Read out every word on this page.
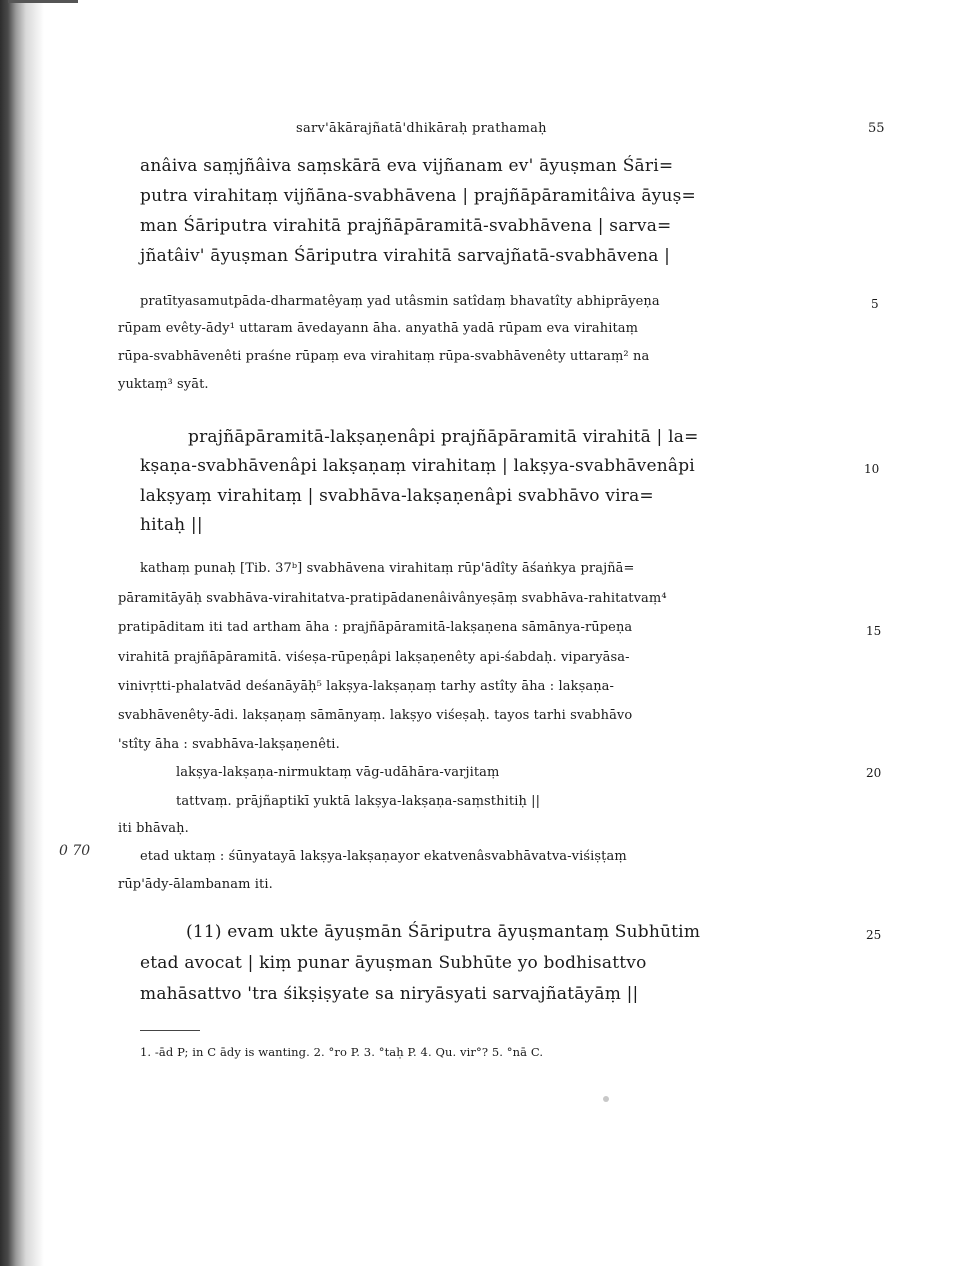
sarv'ākārajñatā'dhikāraḥ prathamaḥ	55
anâiva saṃjñâiva saṃskārā eva vijñanam ev' āyuṣman Śāri=
putra virahitaṃ vijñāna-svabhāvena | prajñāpāramitâiva āyuṣ=
man Śāriputra virahitā prajñāpāramitā-svabhāvena | sarva=
jñatâiv' āyuṣman Śāriputra virahitā sarvajñatā-svabhāvena |
pratītyasamutpāda-dharmatêyaṃ yad utâsmin satîdaṃ bhavatîty abhiprāyeṇa
rūpam evêty-ādy¹ uttaram āvedayann āha. anyathā yadā rūpam eva virahitaṃ
rūpa-svabhāvenêti praśne rūpaṃ eva virahitaṃ rūpa-svabhāvenêty uttaraṃ² na
yuktaṃ³ syāt.
prajñāpāramitā-lakṣaṇenâpi prajñāpāramitā virahitā | la=
kṣaṇa-svabhāvenâpi lakṣaṇaṃ virahitaṃ | lakṣya-svabhāvenâpi
lakṣyaṃ virahitaṃ | svabhāva-lakṣaṇenâpi svabhāvo vira=
hitaḥ ||
kathaṃ punaḥ [Tib. 37ᵇ] svabhāvena virahitaṃ rūp'ādîty āśaṅkya prajñā=
pāramitāyāḥ svabhāva-virahitatva-pratipādanenâivânyeṣāṃ svabhāva-rahitatvaṃ⁴
pratipāditam iti tad artham āha : prajñāpāramitā-lakṣaṇena sāmānya-rūpeṇa
virahitā prajñāpāramitā. viśeṣa-rūpeṇâpi lakṣaṇenêty api-śabdaḥ. viparyāsa-
vinivṛtti-phalatvād deśanāyāḥ⁵ lakṣya-lakṣaṇaṃ tarhy astîty āha : lakṣaṇa-
svabhāvenêty-ādi. lakṣaṇaṃ sāmānyaṃ. lakṣyo viśeṣaḥ. tayos tarhi svabhāvo
'stîty āha : svabhāva-lakṣaṇenêti.
lakṣya-lakṣaṇa-nirmuktaṃ vāg-udāhāra-varjitaṃ
tattvaṃ. prājñaptikī yuktā lakṣya-lakṣaṇa-saṃsthitiḥ ||
iti bhāvaḥ.
etad uktaṃ : śūnyatayā lakṣya-lakṣaṇayor ekatvenâsvabhāvatva-viśiṣṭaṃ
rūp'ādy-ālambanam iti.
(11) evam ukte āyuṣmān Śāriputra āyuṣmantaṃ Subhūtim
etad avocat | kiṃ punar āyuṣman Subhūte yo bodhisattvo
mahāsattvo 'tra śikṣiṣyate sa niryāsyati sarvajñatāyāṃ ||
5
10
15
20
25
0 70
1. -ād P; in C ādy is wanting. 2. °ro P. 3. °taḥ P. 4. Qu. vir°? 5. °nā C.
